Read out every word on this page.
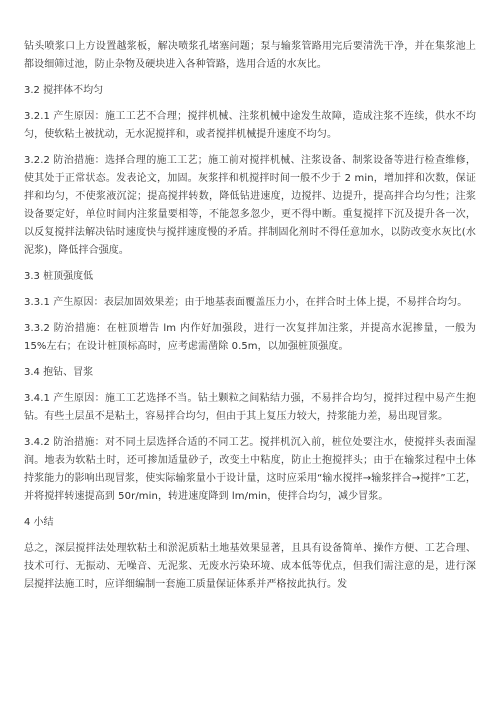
钻头喷浆口上方设置越浆板，解决喷浆孔堵塞问题；泵与输浆管路用完后要清洗干净，并在集浆池上都设细筛过池，防止杂物及硬块进入各种管路，选用合适的水灰比。

3.2 搅拌体不均匀

3.2.1 产生原因：施工工艺不合理；搅拌机械、注浆机械中途发生故障，造成注浆不连续，供水不均匀，使软粘土被扰动，无水泥搅拌和，或者搅拌机械提升速度不均匀。

3.2.2 防治措施：选择合理的施工工艺；施工前对搅拌机械、注浆设备、制浆设备等进行检查维修，使其处于正常状态。发表论文，加固。灰浆拌和机搅拌时间一般不少于 2 min，增加拌和次数，保证拌和均匀，不使浆液沉淀；提高搅拌转数，降低钻进速度，边搅拌、边提升，提高拌合均匀性；注浆设备要定好，单位时间内注浆量要相等，不能忽多忽少，更不得中断。重复搅拌下沉及提升各一次，以反复搅拌法解决钻时速度快与搅拌速度慢的矛盾。拌制固化剂时不得任意加水，以防改变水灰比(水泥浆)，降低拌合强度。

3.3 桩顶强度低

3.3.1 产生原因：表层加固效果差；由于地基表面覆盖压力小，在拌合时土体上提，不易拌合均匀。

3.3.2 防治措施：在桩顶增告 lm 内作好加强段，进行一次复拌加注浆，并提高水泥掺量，一般为 15%左右；在设计桩顶标高时，应考虑需凿除 0.5m，以加强桩顶强度。

3.4 抱钻、冒浆

3.4.1 产生原因：施工工艺选择不当。钻土颗粒之间粘结力强，不易拌合均匀，搅拌过程中易产生抱钻。有些土层虽不是粘土，容易拌合均匀，但由于其上复压力较大，持浆能力差，易出现冒浆。

3.4.2 防治措施：对不同土层选择合适的不同工艺。搅拌机沉入前，桩位处要注水，使搅拌头表面湿润。地表为软粘土时，还可掺加适量砂子，改变土中粘度，防止土抱搅拌头；由于在输浆过程中土体持浆能力的影响出现冒浆，使实际输浆量小于设计量，这时应采用“输水搅拌→输浆拌合→搅拌”工艺，并将搅拌转速提高到 50r/min，转进速度降到 lm/min，使拌合均匀，减少冒浆。

4 小结

总之，深层搅拌法处理软粘土和淤泥质粘土地基效果显著，且具有设备简单、操作方便、工艺合理、技术可行、无振动、无噪音、无泥浆、无废水污染环境、成本低等优点，但我们需注意的是，进行深层搅拌法施工时，应详细编制一套施工质量保证体系并严格按此执行。发
